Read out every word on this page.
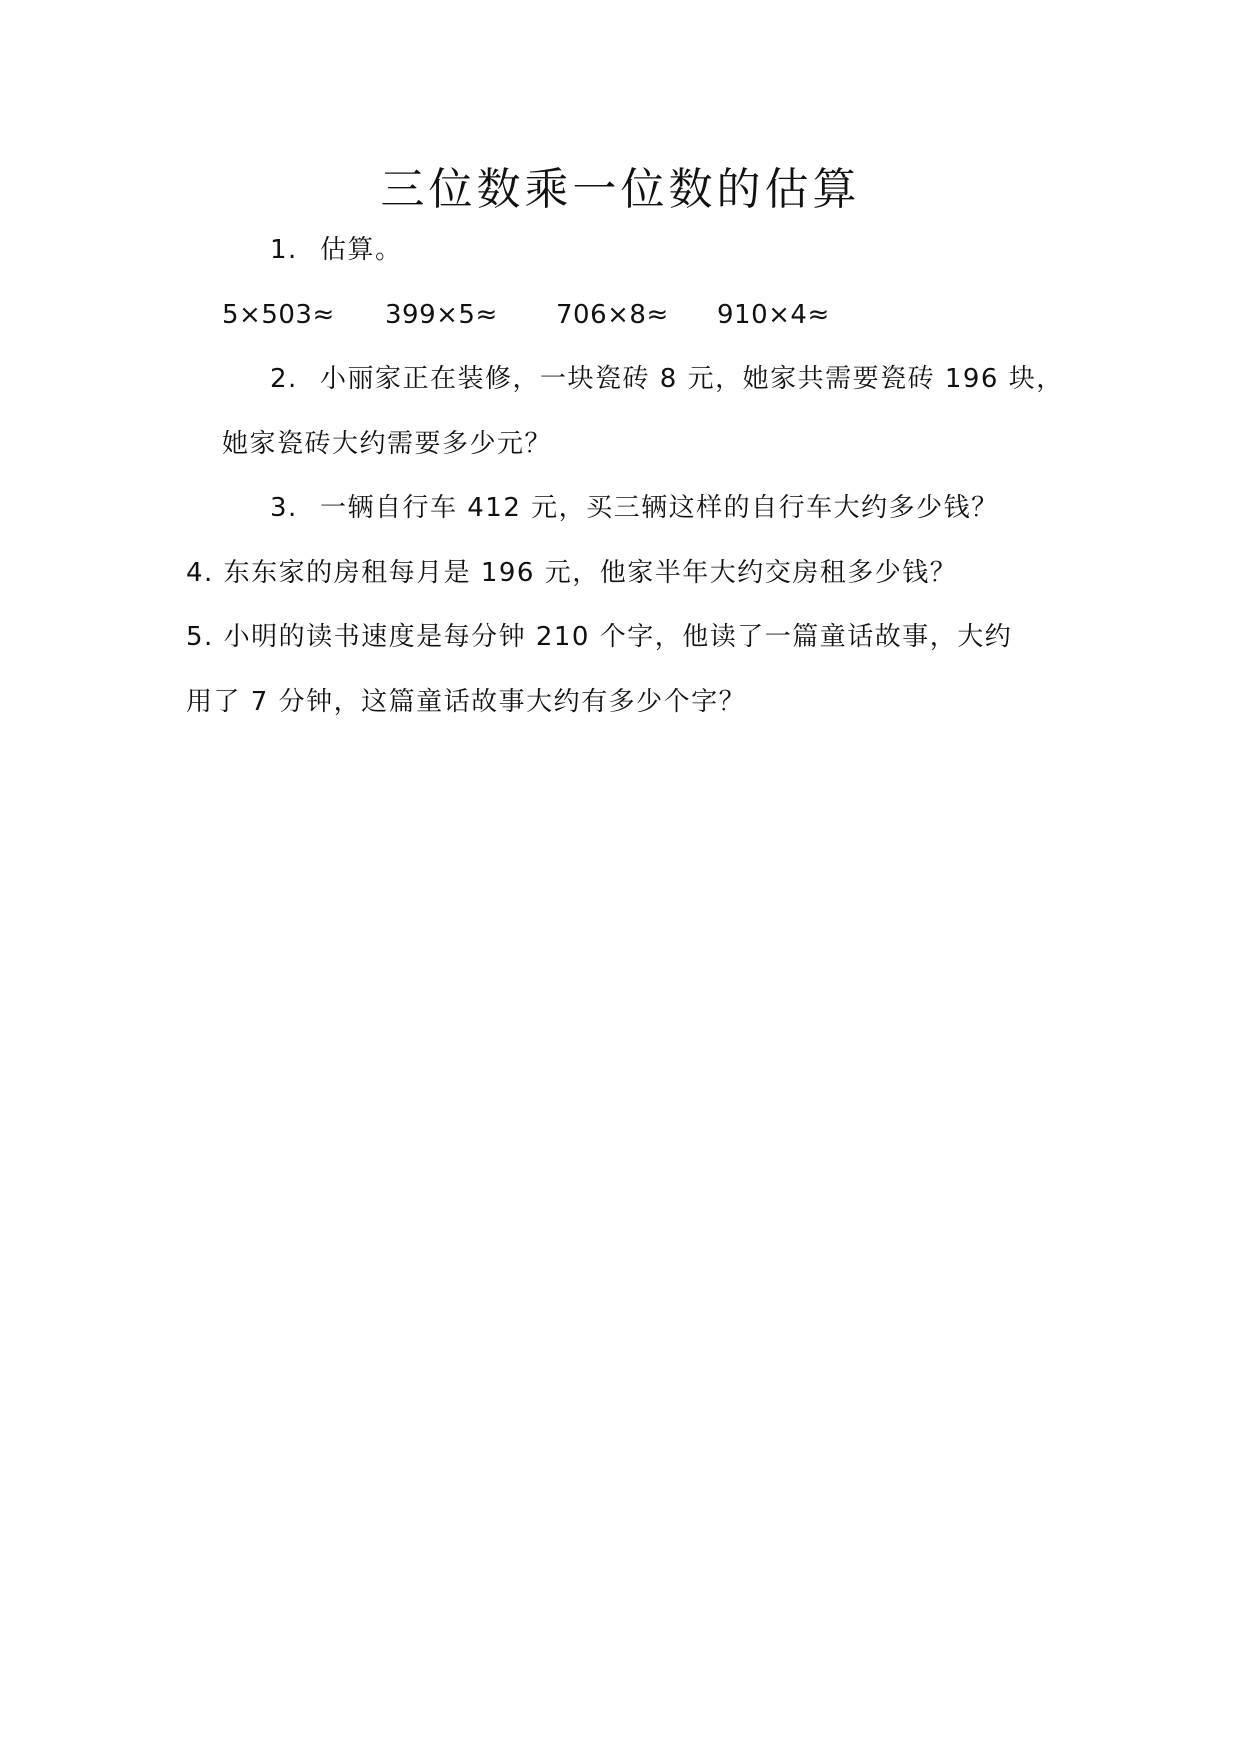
三位数乘一位数的估算
1. 估算。
5×503≈ 399×5≈ 706×8≈ 910×4≈
2. 小丽家正在装修，一块瓷砖 8 元，她家共需要瓷砖 196 块，
她家瓷砖大约需要多少元？
3. 一辆自行车 412 元，买三辆这样的自行车大约多少钱？
4. 东东家的房租每月是 196 元，他家半年大约交房租多少钱？
5. 小明的读书速度是每分钟 210 个字，他读了一篇童话故事，大约
用了 7 分钟，这篇童话故事大约有多少个字？
